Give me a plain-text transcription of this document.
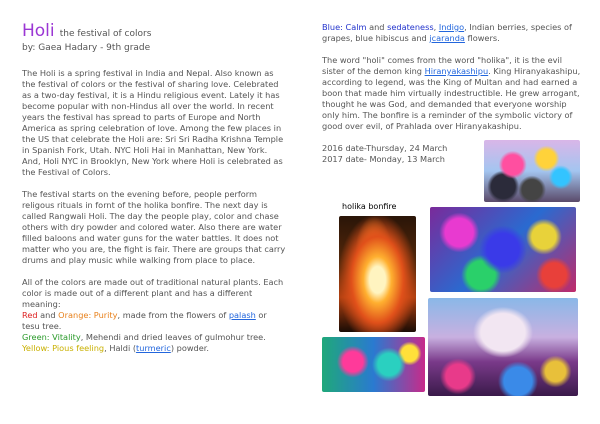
Holi the festival of colors
by: Gaea Hadary - 9th grade

The Holi is a spring festival in India and Nepal. Also known as the festival of colors or the festival of sharing love. Celebrated as a two-day festival, it is a Hindu religious event. Lately it has become popular with non-Hindus all over the world. In recent years the festival has spread to parts of Europe and North America as spring celebration of love. Among the few places in the US that celebrate the Holi are: Sri Sri Radha Krishna Temple in Spanish Fork, Utah. NYC Holi Hai in Manhattan, New York. And, Holi NYC in Brooklyn, New York where Holi is celebrated as the Festival of Colors.

The festival starts on the evening before, people perform religous rituals in fornt of the holika bonfire. The next day is called Rangwali Holi. The day the people play, color and chase others with dry powder and colored water. Also there are water filled baloons and water guns for the water battles. It does not matter who you are, the fight is fair. There are groups that carry drums and play music while walking from place to place.

All of the colors are made out of traditional natural plants. Each color is made out of a different plant and has a different meaning:

Red and Orange: Purity, made from the flowers of palash or tesu tree.

Green: Vitality, Mehendi and dried leaves of gulmohur tree.

Yellow: Pious feeling, Haldi (turmeric) powder.

Blue: Calm and sedateness, Indigo, Indian berries, species of grapes, blue hibiscus and jcaranda flowers.

The word "holi" comes from the word "holika", it is the evil sister of the demon king Hiranyakashipu. King Hiranyakashipu, according to legend, was the King of Multan and had earned a boon that made him virtually indestructible. He grew arrogant, thought he was God, and demanded that everyone worship only him. The bonfire is a reminder of the symbolic victory of good over evil, of Prahlada over Hiranyakashipu.

2016 date-Thursday, 24 March

2017 date- Monday, 13 March

holika bonfire
